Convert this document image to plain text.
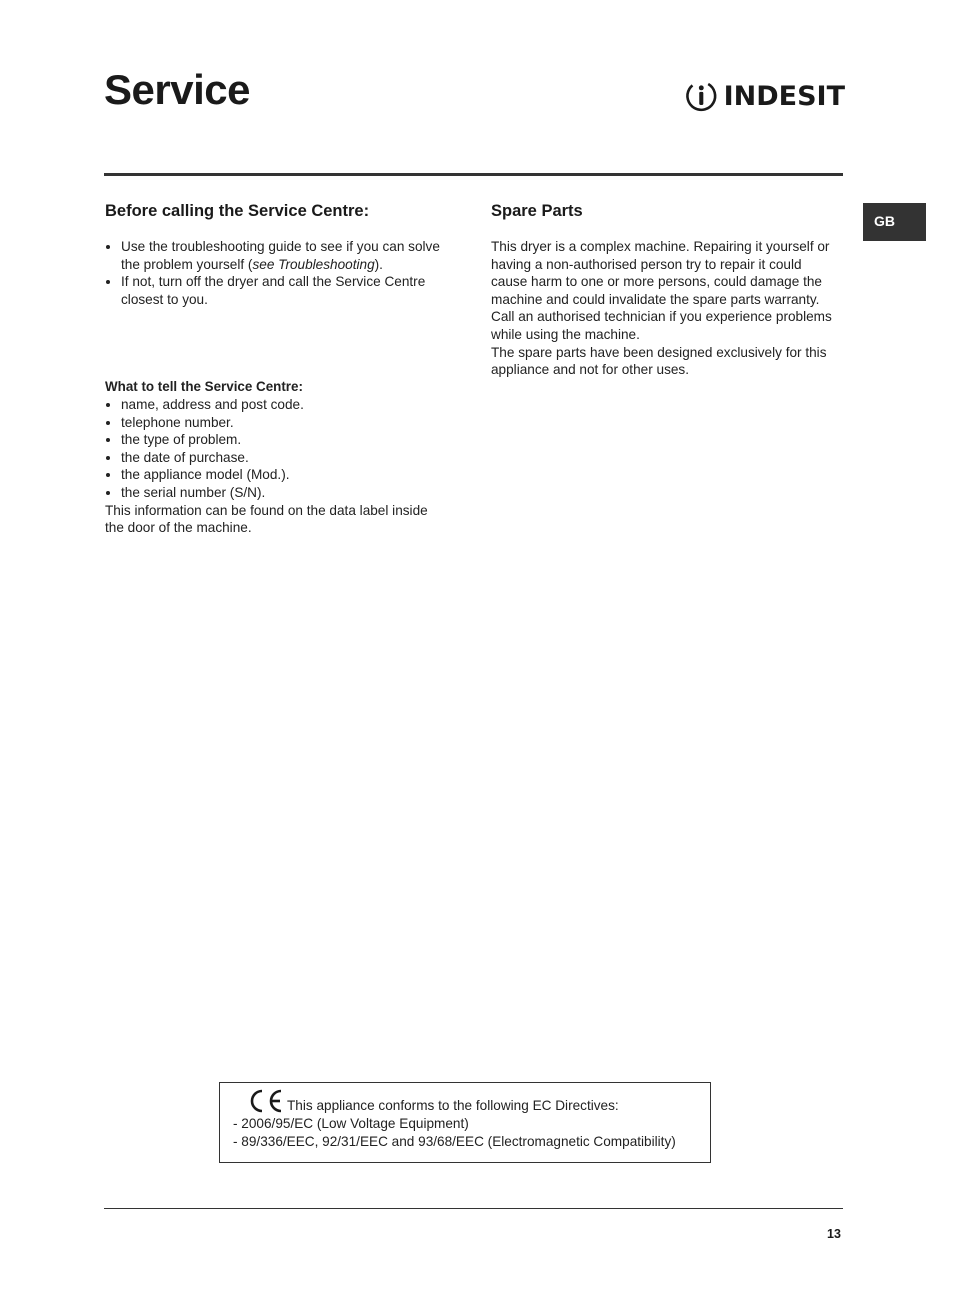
Service	INDESIT
GB
Before calling the Service Centre:
Use the troubleshooting guide to see if you can solve the problem yourself (see Troubleshooting).
If not, turn off the dryer and call the Service Centre closest to you.
What to tell the Service Centre:
name, address and post code.
telephone number.
the type of problem.
the date of purchase.
the appliance model (Mod.).
the serial number (S/N).
This information can be found on the data label inside the door of the machine.
Spare Parts

This dryer is a complex machine. Repairing it yourself or having a non-authorised person try to repair it could cause harm to one or more persons, could damage the machine and could invalidate the spare parts warranty.

Call an authorised technician if you experience problems while using the machine.

The spare parts have been designed exclusively for this appliance and not for other uses.

This appliance conforms to the following EC Directives:
- 2006/95/EC (Low Voltage Equipment)
- 89/336/EEC, 92/31/EEC and 93/68/EEC (Electromagnetic Compatibility)
13
